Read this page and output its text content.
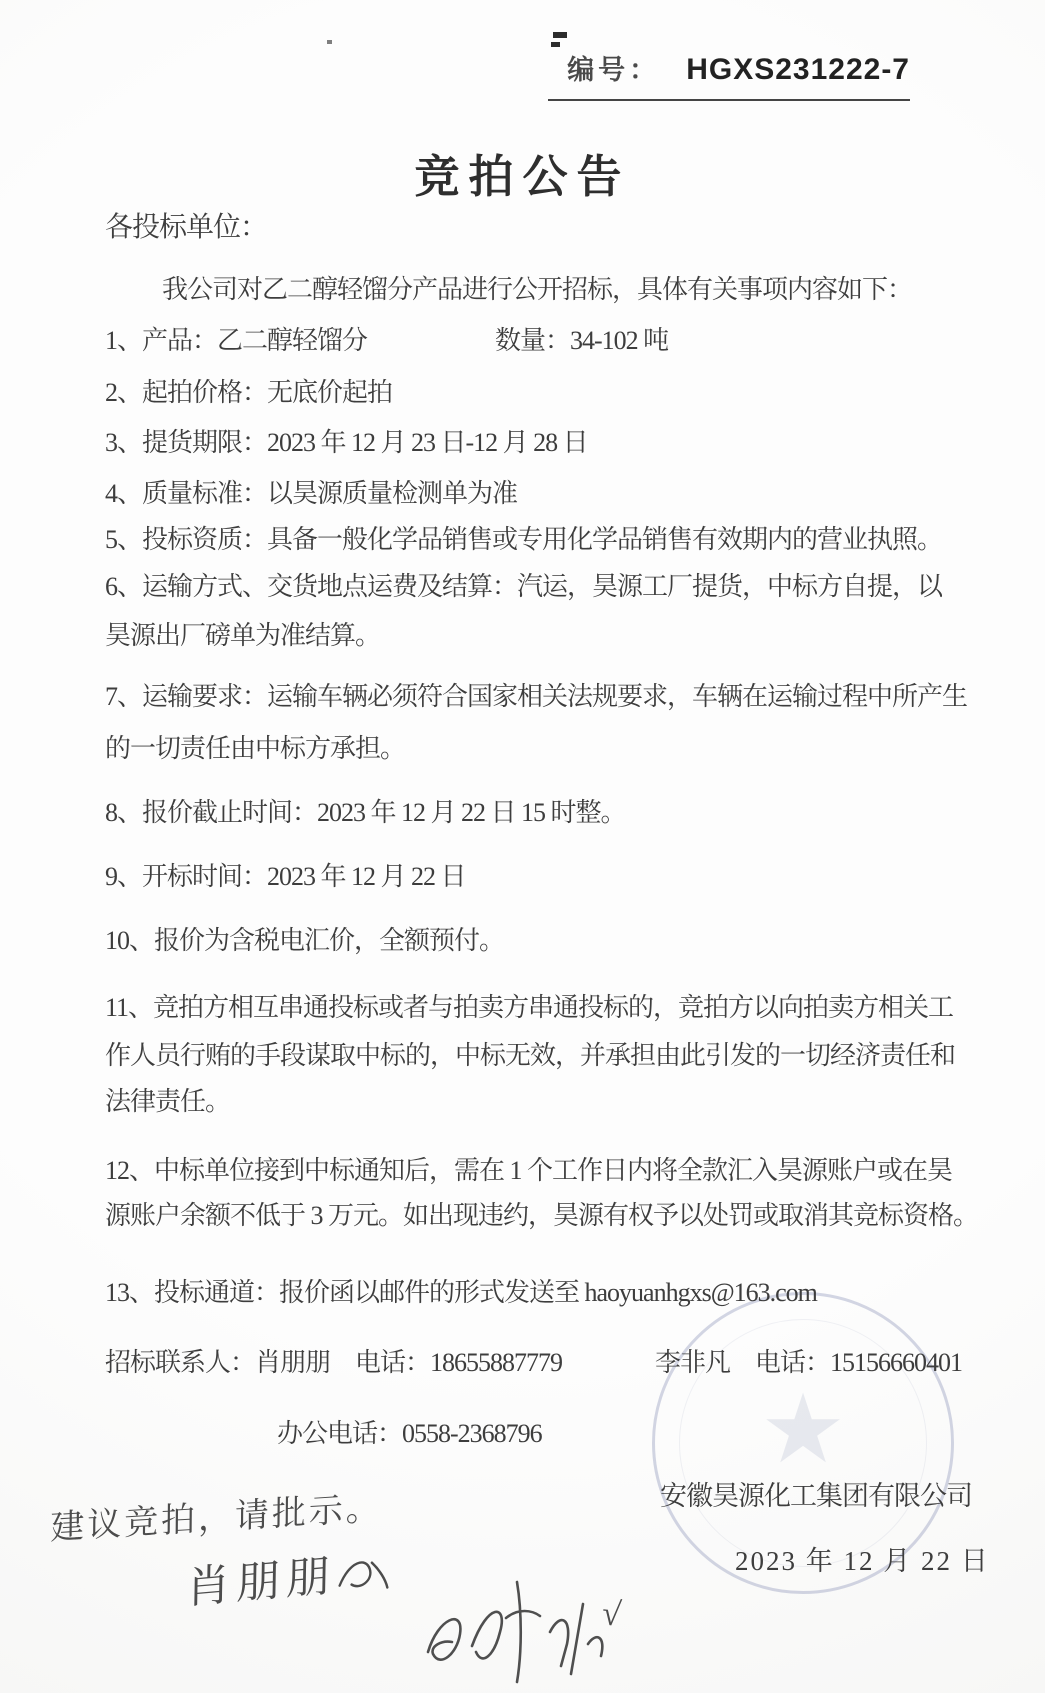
编号： HGXS231222-7
竞拍公告
各投标单位：
我公司对乙二醇轻馏分产品进行公开招标，具体有关事项内容如下：
1、产品：乙二醇轻馏分	数量：34-102 吨
2、起拍价格：无底价起拍
3、提货期限：2023 年 12 月 23 日-12 月 28 日
4、质量标准：以昊源质量检测单为准
5、投标资质：具备一般化学品销售或专用化学品销售有效期内的营业执照。
6、运输方式、交货地点运费及结算：汽运，昊源工厂提货，中标方自提，以
昊源出厂磅单为准结算。
7、运输要求：运输车辆必须符合国家相关法规要求，车辆在运输过程中所产生
的一切责任由中标方承担。
8、报价截止时间：2023 年 12 月 22 日 15 时整。
9、开标时间：2023 年 12 月 22 日
10、报价为含税电汇价，全额预付。
11、竞拍方相互串通投标或者与拍卖方串通投标的，竞拍方以向拍卖方相关工
作人员行贿的手段谋取中标的，中标无效，并承担由此引发的一切经济责任和
法律责任。
12、中标单位接到中标通知后，需在 1 个工作日内将全款汇入昊源账户或在昊
源账户余额不低于 3 万元。如出现违约，昊源有权予以处罚或取消其竞标资格。
13、投标通道：报价函以邮件的形式发送至 haoyuanhgxs@163.com
招标联系人：肖朋朋　电话：18655887779	李非凡　电话：15156660401
办公电话：0558-2368796	★
安徽昊源化工集团有限公司
2023 年 12 月 22 日
建议竞拍，请批示。
肖朋朋
√
